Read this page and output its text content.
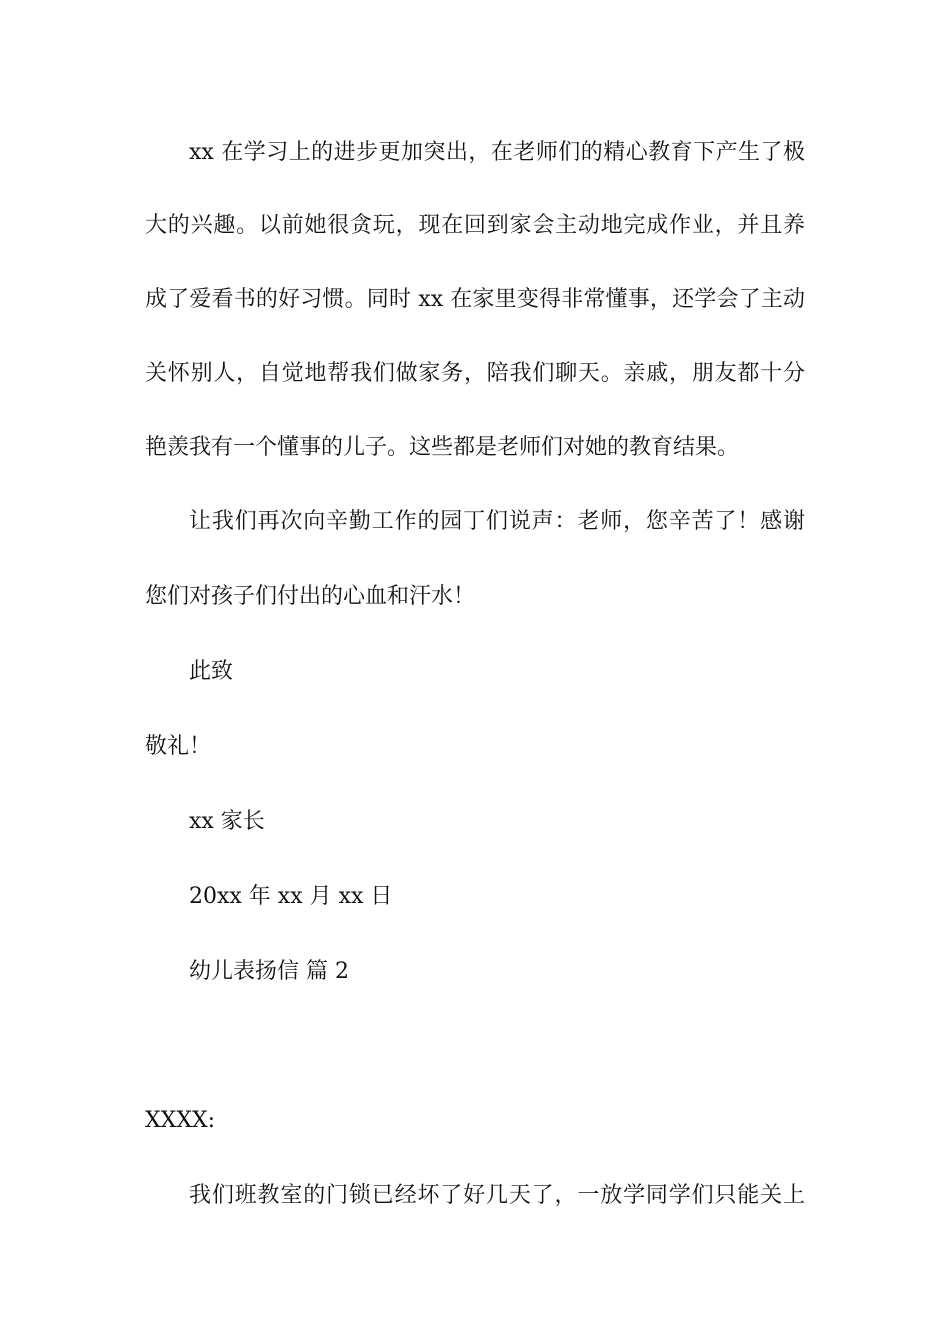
xx 在学习上的进步更加突出，在老师们的精心教育下产生了极
大的兴趣。以前她很贪玩，现在回到家会主动地完成作业，并且养
成了爱看书的好习惯。同时 xx 在家里变得非常懂事，还学会了主动
关怀别人，自觉地帮我们做家务，陪我们聊天。亲戚，朋友都十分
艳羡我有一个懂事的儿子。这些都是老师们对她的教育结果。
让我们再次向辛勤工作的园丁们说声：老师，您辛苦了！感谢
您们对孩子们付出的心血和汗水！
此致
敬礼！
xx 家长
20xx 年 xx 月 xx 日
幼儿表扬信 篇 2
XXXX:
我们班教室的门锁已经坏了好几天了，一放学同学们只能关上
